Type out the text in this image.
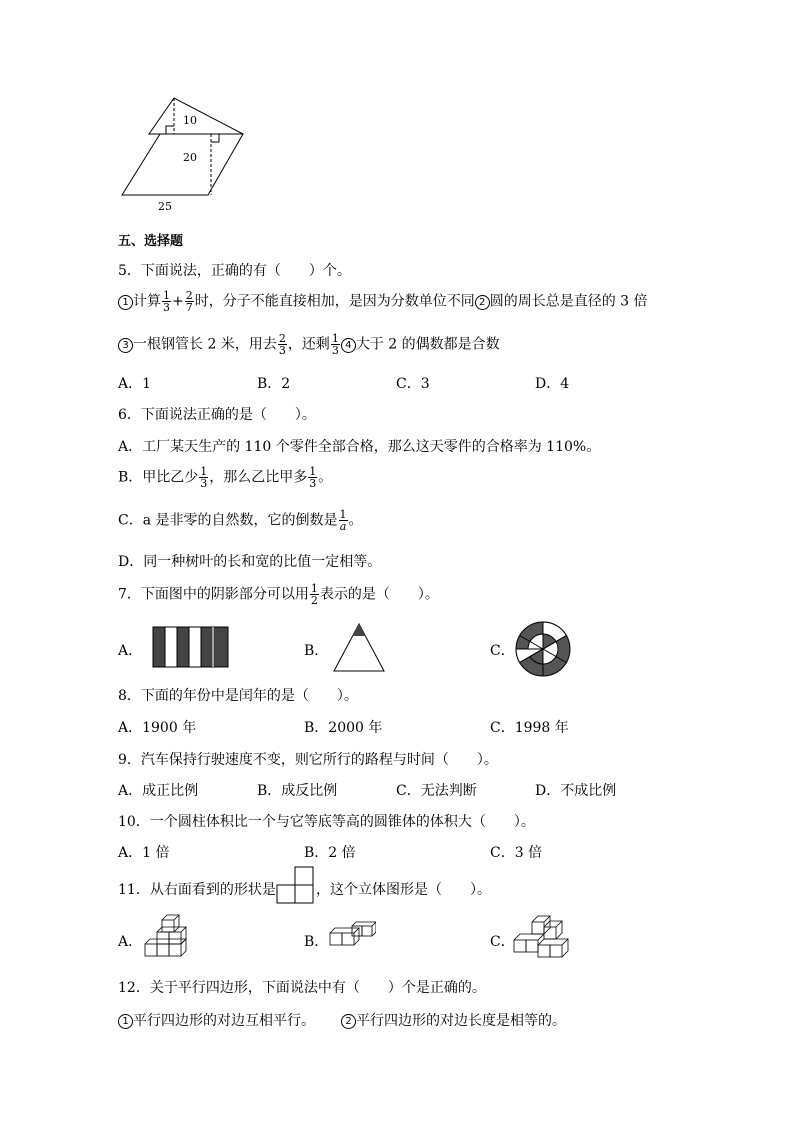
10
20
25
五、选择题
5．下面说法，正确的有（　　）个。
1 计算 $\frac{1}{3} + \frac{2}{7}$ 时，分子不能直接相加，是因为分数单位不同 2 圆的周长总是直径的 3 倍
3 一根钢管长 2 米，用去 $\frac{2}{3}$ ，还剩 $\frac{1}{3} 4$ 大于 2 的偶数都是合数
A．1	B．2	C．3	D．4
6．下面说法正确的是（　　）。
A．工厂某天生产的 110 个零件全部合格，那么这天零件的合格率为 110%。
B．甲比乙少 $\frac{1}{3}$ ，那么乙比甲多 $\frac{1}{3}$ 。
C．a 是非零的自然数，它的倒数是 $\frac{1}{a}$ 。
D．同一种树叶的长和宽的比值一定相等。
7．下面图中的阴影部分可以用 $\frac{1}{2}$ 表示的是（　　）。
A．	B．	C．
8．下面的年份中是闰年的是（　　）。
A．1900 年	B．2000 年	C．1998 年
9．汽车保持行驶速度不变，则它所行的路程与时间（　　）。
A．成正比例	B．成反比例	C．无法判断	D．不成比例
10．一个圆柱体积比一个与它等底等高的圆锥体的体积大（　　）。
A．1 倍	B．2 倍	C．3 倍
11．从右面看到的形状是	，这个立体图形是（　　）。
A．	B．	C．
12．关于平行四边形，下面说法中有（　　）个是正确的。
1 平行四边形的对边互相平行。	2 平行四边形的对边长度是相等的。
